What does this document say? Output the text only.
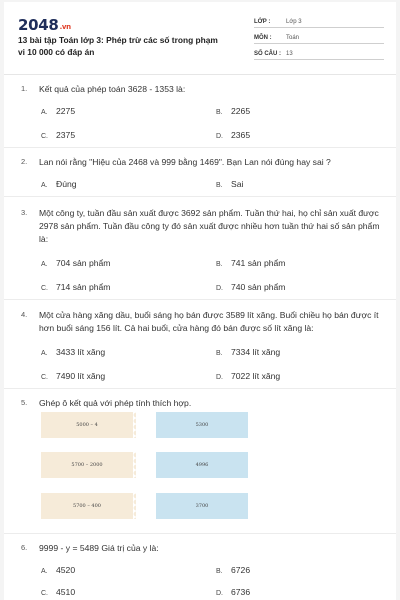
2048.vn
13 bài tập Toán lớp 3: Phép trừ các số trong phạm vi 10 000 có đáp án
LỚP :	Lớp 3
MÔN :	Toán
SỐ CÂU : 13
1. Kết quả của phép toán 3628 - 1353 là:
A. 2275	B. 2265
C. 2375	D. 2365
2. Lan nói rằng "Hiệu của 2468 và 999 bằng 1469". Bạn Lan nói đúng hay sai ?
A. Đúng	B. Sai
3. Một công ty, tuần đầu sản xuất được 3692 sản phẩm. Tuần thứ hai, họ chỉ sản xuất được 2978 sản phẩm. Tuần đầu công ty đó sản xuất được nhiều hơn tuần thứ hai số sản phẩm là:
A. 704 sản phẩm	B. 741 sản phẩm
C. 714 sản phẩm	D. 740 sản phẩm
4. Một cửa hàng xăng dầu, buổi sáng họ bán được 3589 lít xăng. Buổi chiều họ bán được ít hơn buổi sáng 156 lít. Cả hai buổi, cửa hàng đó bán được số lít xăng là:
A. 3433 lít xăng	B. 7334 lít xăng
C. 7490 lít xăng	D. 7022 lít xăng
5. Ghép ô kết quả với phép tính thích hợp.
5000 – 4	5300
5700 – 2000	4996
5700 – 400	3700
6. 9999 - y = 5489 Giá trị của y là:
A. 4520	B. 6726
C. 4510	D. 6736
